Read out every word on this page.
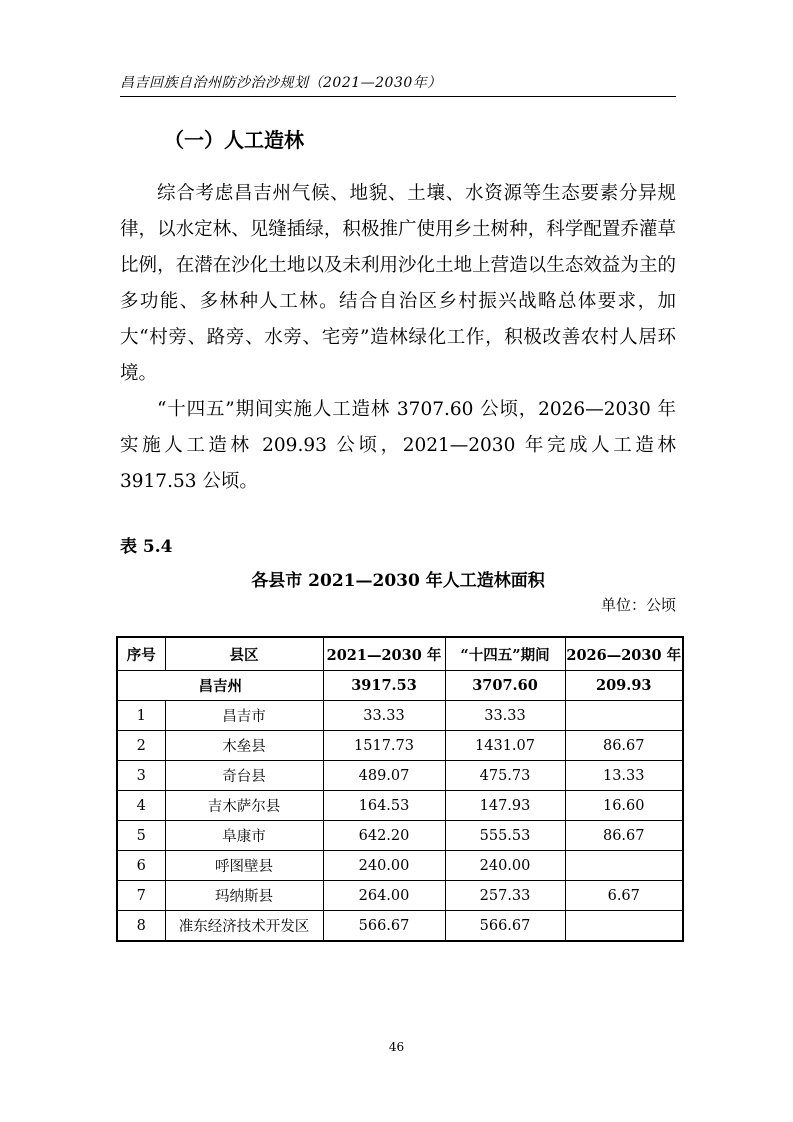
昌吉回族自治州防沙治沙规划（2021—2030年）
（一）人工造林

综合考虑昌吉州气候、地貌、土壤、水资源等生态要素分异规律，以水定林、见缝插绿，积极推广使用乡土树种，科学配置乔灌草比例，在潜在沙化土地以及未利用沙化土地上营造以生态效益为主的多功能、多林种人工林。结合自治区乡村振兴战略总体要求，加大“村旁、路旁、水旁、宅旁”造林绿化工作，积极改善农村人居环境。

“十四五”期间实施人工造林 3707.60 公顷，2026—2030 年实施人工造林 209.93 公顷，2021—2030 年完成人工造林 3917.53 公顷。

表 5.4
各县市 2021—2030 年人工造林面积
单位：公顷
序号	县区	2021—2030 年	“十四五”期间	2026—2030 年
昌吉州		3917.53	3707.60	209.93
1	昌吉市	33.33	33.33	
2	木垒县	1517.73	1431.07	86.67
3	奇台县	489.07	475.73	13.33
4	吉木萨尔县	164.53	147.93	16.60
5	阜康市	642.20	555.53	86.67
6	呼图壁县	240.00	240.00	
7	玛纳斯县	264.00	257.33	6.67
8	准东经济技术开发区	566.67	566.67	
46
